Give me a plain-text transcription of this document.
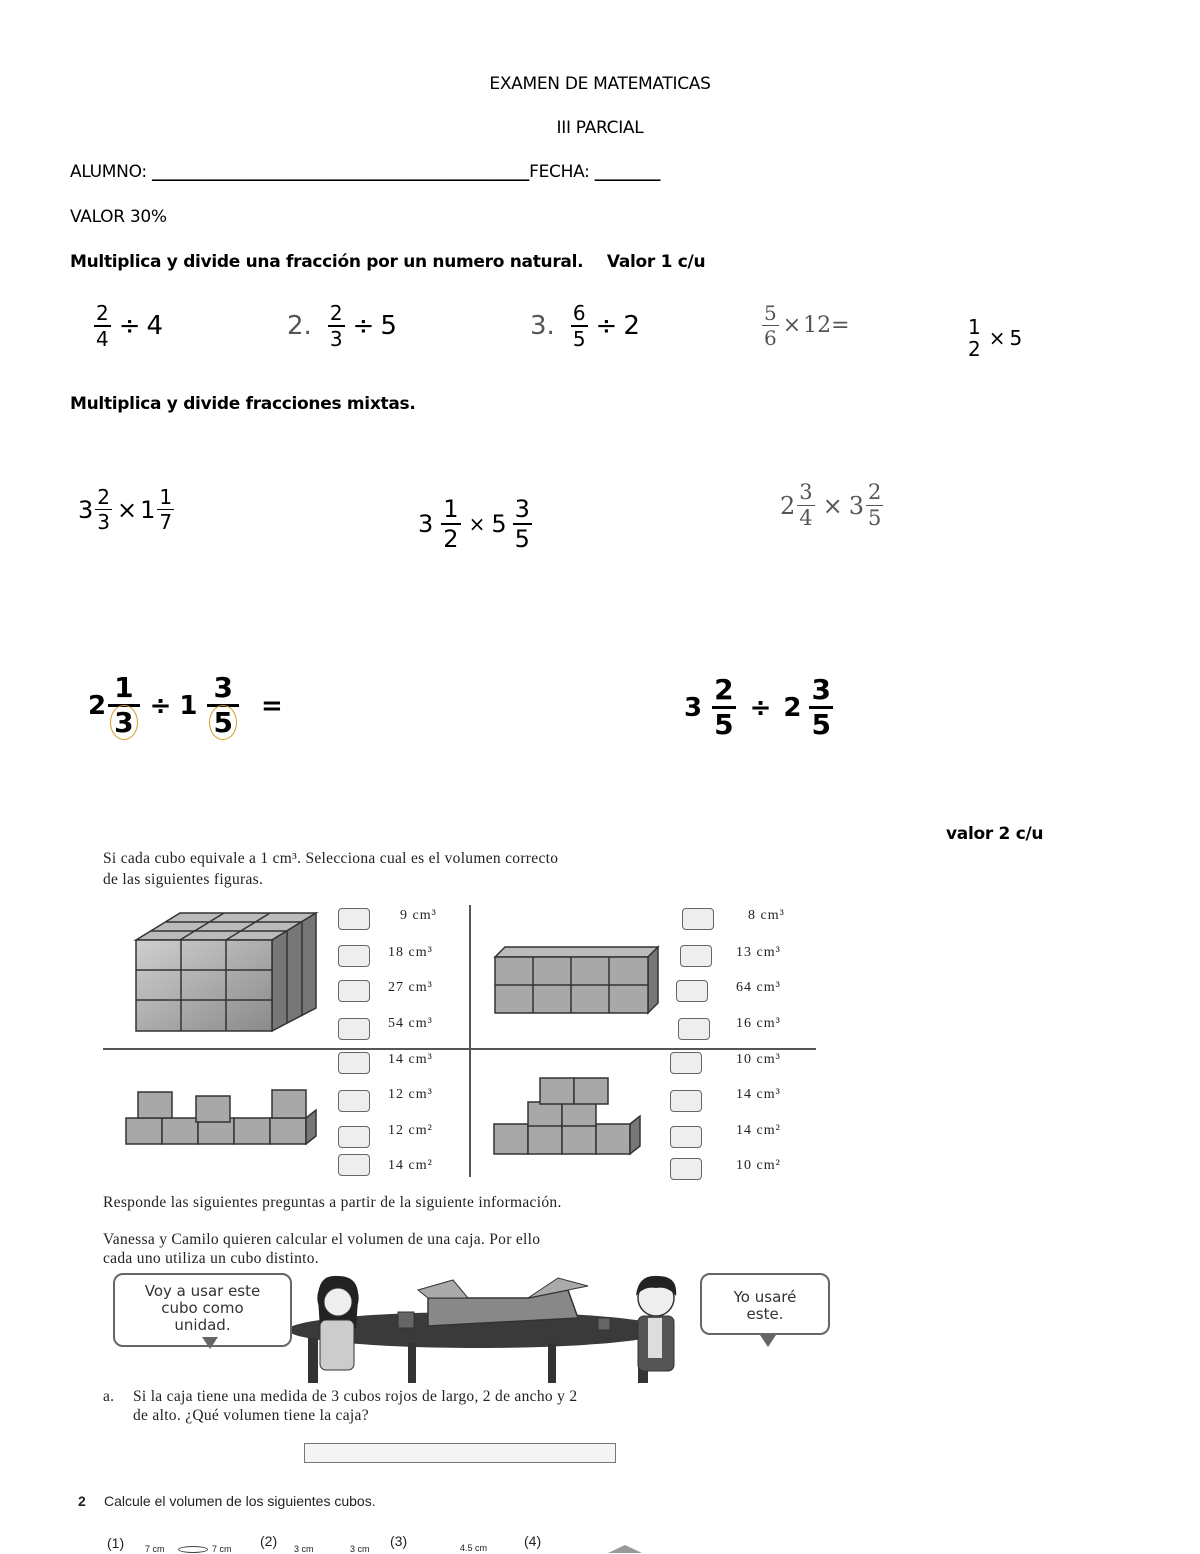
EXAMEN DE MATEMATICAS
III PARCIAL
ALUMNO: ______________________________________________FECHA: ________
VALOR 30%
Multiplica y divide una fracción por un numero natural. Valor 1 c/u
$\frac{2}{4} \div 4$	2. $\frac{2}{3} \div 5$	3. $\frac{6}{5} \div 2$	$\frac{5}{6} \times 12=$	1
2 × 5
Multiplica y divide fracciones mixtas.
$3 \frac{2}{3} \times 1 \frac{1}{7}$	$3 \frac{1}{2} \times 5 \frac{3}{5}$	$2 \frac{3}{4} \times 3 \frac{2}{5}$
$2 \frac{1}{3} \div 1 \frac{3}{5}$ =	$3 \frac{2}{5} \div 2 \frac{3}{5}$
valor 2 c/u
Si cada cubo equivale a 1 cm³. Selecciona cual es el volumen correcto
de las siguientes figuras.
9 cm³
18 cm³
27 cm³
54 cm³
8 cm³
13 cm³
64 cm³
16 cm³
14 cm³
12 cm³
12 cm²
14 cm²
10 cm³
14 cm³
14 cm²
10 cm²
Responde las siguientes preguntas a partir de la siguiente información.
Vanessa y Camilo quieren calcular el volumen de una caja. Por ello
cada uno utiliza un cubo distinto.
Voy a usar este
cubo como
unidad.
Yo usaré
este.
a. Si la caja tiene una medida de 3 cubos rojos de largo, 2 de ancho y 2
de alto. ¿Qué volumen tiene la caja?
2 Calcule el volumen de los siguientes cubos.
(1) 7 cm	7 cm (2) 3 cm	3 cm (3)	4.5 cm	(4)
